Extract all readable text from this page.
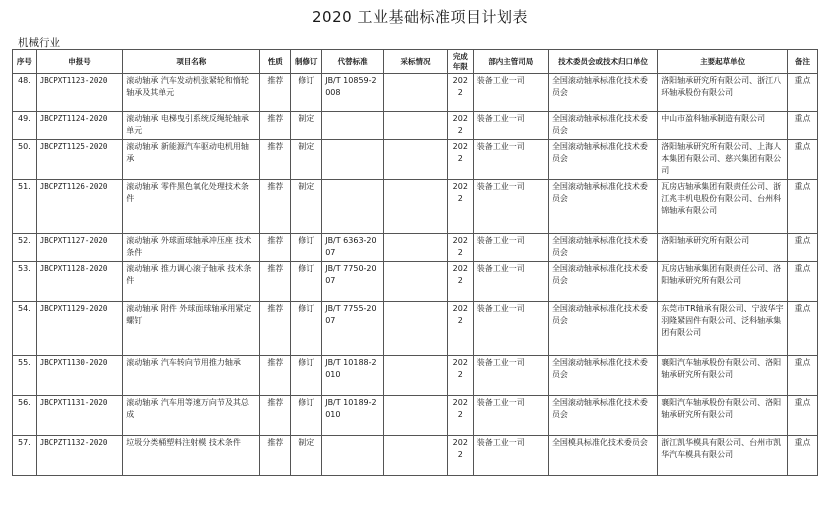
2020 工业基础标准项目计划表
机械行业
序号	申报号	项目名称	性质	制修订	代替标准	采标情况	完成年限	部内主管司局	技术委员会或技术归口单位	主要起草单位	备注
48.	JBCPXT1123-2020	滚动轴承 汽车发动机张紧轮和惰轮轴承及其单元	推荐	修订	JB/T 10859-2008		2022	装备工业一司	全国滚动轴承标准化技术委员会	洛阳轴承研究所有限公司、浙江八环轴承股份有限公司	重点
49.	JBCPZT1124-2020	滚动轴承 电梯曳引系统反绳轮轴承单元	推荐	制定			2022	装备工业一司	全国滚动轴承标准化技术委员会	中山市盈科轴承制造有限公司	重点
50.	JBCPZT1125-2020	滚动轴承 新能源汽车驱动电机用轴承	推荐	制定			2022	装备工业一司	全国滚动轴承标准化技术委员会	洛阳轴承研究所有限公司、上海人本集团有限公司、慈兴集团有限公司	重点
51.	JBCPZT1126-2020	滚动轴承 零件黑色氧化处理技术条件	推荐	制定			2022	装备工业一司	全国滚动轴承标准化技术委员会	瓦房店轴承集团有限责任公司、浙江兆丰机电股份有限公司、台州科锦轴承有限公司	重点
52.	JBCPXT1127-2020	滚动轴承 外球面球轴承冲压座 技术条件	推荐	修订	JB/T 6363-2007		2022	装备工业一司	全国滚动轴承标准化技术委员会	洛阳轴承研究所有限公司	重点
53.	JBCPXT1128-2020	滚动轴承 推力调心滚子轴承 技术条件	推荐	修订	JB/T 7750-2007		2022	装备工业一司	全国滚动轴承标准化技术委员会	瓦房店轴承集团有限责任公司、洛阳轴承研究所有限公司	重点
54.	JBCPXT1129-2020	滚动轴承 附件 外球面球轴承用紧定螺钉	推荐	修订	JB/T 7755-2007		2022	装备工业一司	全国滚动轴承标准化技术委员会	东莞市TR轴承有限公司、宁波华宇羽隆紧固件有限公司、泛科轴承集团有限公司	重点
55.	JBCPXT1130-2020	滚动轴承 汽车转向节用推力轴承	推荐	修订	JB/T 10188-2010		2022	装备工业一司	全国滚动轴承标准化技术委员会	襄阳汽车轴承股份有限公司、洛阳轴承研究所有限公司	重点
56.	JBCPXT1131-2020	滚动轴承 汽车用等速万向节及其总成	推荐	修订	JB/T 10189-2010		2022	装备工业一司	全国滚动轴承标准化技术委员会	襄阳汽车轴承股份有限公司、洛阳轴承研究所有限公司	重点
57.	JBCPZT1132-2020	垃圾分类桶塑料注射模 技术条件	推荐	制定			2022	装备工业一司	全国模具标准化技术委员会	浙江凯华模具有限公司、台州市凯华汽车模具有限公司	重点
